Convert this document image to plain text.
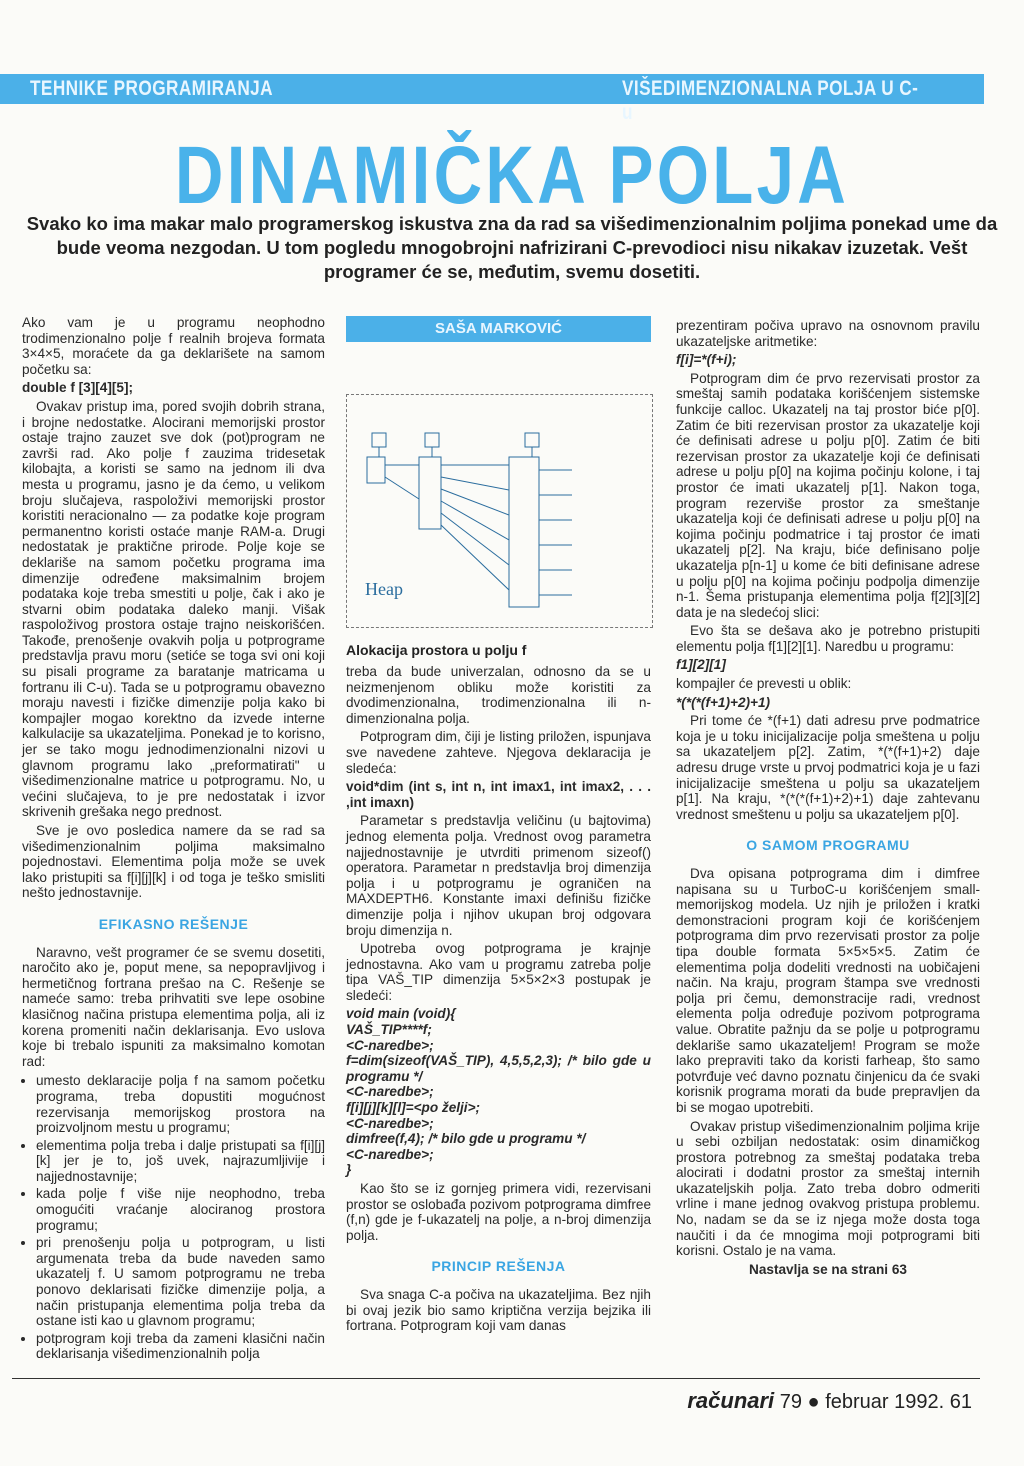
TEHNIKE PROGRAMIRANJA	VIŠEDIMENZIONALNA POLJA U C-u
DINAMIČKA POLJA
Svako ko ima makar malo programerskog iskustva zna da rad sa višedimenzionalnim poljima ponekad ume da bude veoma nezgodan. U tom pogledu mnogobrojni nafrizirani C-prevodioci nisu nikakav izuzetak. Vešt programer će se, međutim, svemu dosetiti.

Ako vam je u programu neophodno trodimenzionalno polje f realnih brojeva formata 3×4×5, moraćete da ga deklarišete na samom početku sa:

double f [3][4][5];

Ovakav pristup ima, pored svojih dobrih strana, i brojne nedostatke. Alocirani memorijski prostor ostaje trajno zauzet sve dok (pot)program ne završi rad. Ako polje f zauzima tridesetak kilobajta, a koristi se samo na jednom ili dva mesta u programu, jasno je da ćemo, u velikom broju slučajeva, raspoloživi memorijski prostor koristiti neracionalno — za podatke koje program permanentno koristi ostaće manje RAM-a. Drugi nedostatak je praktične prirode. Polje koje se deklariše na samom početku programa ima dimenzije određene maksimalnim brojem podataka koje treba smestiti u polje, čak i ako je stvarni obim podataka daleko manji. Višak raspoloživog prostora ostaje trajno neiskorišćen. Takođe, prenošenje ovakvih polja u potprograme predstavlja pravu moru (setiće se toga svi oni koji su pisali programe za baratanje matricama u fortranu ili C-u). Tada se u potprogramu obavezno moraju navesti i fizičke dimenzije polja kako bi kompajler mogao korektno da izvede interne kalkulacije sa ukazateljima. Ponekad je to korisno, jer se tako mogu jednodimenzionalni nizovi u glavnom programu lako „preformatirati" u višedimenzionalne matrice u potprogramu. No, u većini slučajeva, to je pre nedostatak i izvor skrivenih grešaka nego prednost.

Sve je ovo posledica namere da se rad sa višedimenzionalnim poljima maksimalno pojednostavi. Elementima polja može se uvek lako pristupiti sa f[i][j][k] i od toga je teško smisliti nešto jednostavnije.

EFIKASNO REŠENJE

Naravno, vešt programer će se svemu dosetiti, naročito ako je, poput mene, sa nepopravljivog i hermetičnog fortrana prešao na C. Rešenje se nameće samo: treba prihvatiti sve lepe osobine klasičnog načina pristupa elementima polja, ali iz korena promeniti način deklarisanja. Evo uslova koje bi trebalo ispuniti za maksimalno komotan rad:

• umesto deklaracije polja f na samom početku programa, treba dopustiti mogućnost rezervisanja memorijskog prostora na proizvoljnom mestu u programu;
• elementima polja treba i dalje pristupati sa f[i][j][k] jer je to, još uvek, najrazumljivije i najjednostavnije;
• kada polje f više nije neophodno, treba omogućiti vraćanje alociranog prostora programu;
• pri prenošenju polja u potprogram, u listi argumenata treba da bude naveden samo ukazatelj f. U samom potprogramu ne treba ponovo deklarisati fizičke dimenzije polja, a način pristupanja elementima polja treba da ostane isti kao u glavnom programu;
• potprogram koji treba da zameni klasični način deklarisanja višedimenzionalnih polja
SAŠA MARKOVIĆ
Heap
Alokacija prostora u polju f

treba da bude univerzalan, odnosno da se u neizmenjenom obliku može koristiti za dvodimenzionalna, trodimenzionalna ili n-dimenzionalna polja.

Potprogram dim, čiji je listing priložen, ispunjava sve navedene zahteve. Njegova deklaracija je sledeća:

void*dim (int s, int n, int imax1, int imax2, . . . ,int imaxn)

Parametar s predstavlja veličinu (u bajtovima) jednog elementa polja. Vrednost ovog parametra najjednostavnije je utvrditi primenom sizeof() operatora. Parametar n predstavlja broj dimenzija polja i u potprogramu je ograničen na MAXDEPTH6. Konstante imaxi definišu fizičke dimenzije polja i njihov ukupan broj odgovara broju dimenzija n.

Upotreba ovog potprograma je krajnje jednostavna. Ako vam u programu zatreba polje tipa VAŠ_TIP dimenzija 5×5×2×3 postupak je sledeći:

void main (void){
VAŠ_TIP****f;
<C-naredbe>;
f=dim(sizeof(VAŠ_TIP), 4,5,5,2,3); /* bilo gde u programu */
<C-naredbe>;
f[i][j][k][l]=<po želji>;
<C-naredbe>;
dimfree(f,4); /* bilo gde u programu */
<C-naredbe>;
}

Kao što se iz gornjeg primera vidi, rezervisani prostor se oslobađa pozivom potprograma dimfree (f,n) gde je f-ukazatelj na polje, a n-broj dimenzija polja.

PRINCIP REŠENJA

Sva snaga C-a počiva na ukazateljima. Bez njih bi ovaj jezik bio samo kriptična verzija bejzika ili fortrana. Potprogram koji vam danas

prezentiram počiva upravo na osnovnom pravilu ukazateljske aritmetike:

f[i]=*(f+i);

Potprogram dim će prvo rezervisati prostor za smeštaj samih podataka korišćenjem sistemske funkcije calloc. Ukazatelj na taj prostor biće p[0]. Zatim će biti rezervisan prostor za ukazatelje koji će definisati adrese u polju p[0]. Zatim će biti rezervisan prostor za ukazatelje koji će definisati adrese u polju p[0] na kojima počinju kolone, i taj prostor će imati ukazatelj p[1]. Nakon toga, program rezerviše prostor za smeštanje ukazatelja koji će definisati adrese u polju p[0] na kojima počinju podmatrice i taj prostor će imati ukazatelj p[2]. Na kraju, biće definisano polje ukazatelja p[n-1] u kome će biti definisane adrese u polju p[0] na kojima počinju podpolja dimenzije n-1. Šema pristupanja elementima polja f[2][3][2] data je na sledećoj slici:

Evo šta se dešava ako je potrebno pristupiti elementu polja f[1][2][1]. Naredbu u programu:

f1][2][1]

kompajler će prevesti u oblik:

*(*(*(f+1)+2)+1)

Pri tome će *(f+1) dati adresu prve podmatrice koja je u toku inicijalizacije polja smeštena u polju sa ukazateljem p[2]. Zatim, *(*(f+1)+2) daje adresu druge vrste u prvoj podmatrici koja je u fazi inicijalizacije smeštena u polju sa ukazateljem p[1]. Na kraju, *(*(*(f+1)+2)+1) daje zahtevanu vrednost smeštenu u polju sa ukazateljem p[0].

O SAMOM PROGRAMU

Dva opisana potprograma dim i dimfree napisana su u TurboC-u korišćenjem small-memorijskog modela. Uz njih je priložen i kratki demonstracioni program koji će korišćenjem potprograma dim prvo rezervisati prostor za polje tipa double formata 5×5×5×5. Zatim će elementima polja dodeliti vrednosti na uobičajeni način. Na kraju, program štampa sve vrednosti polja pri čemu, demonstracije radi, vrednost elementa polja određuje pozivom potprograma value. Obratite pažnju da se polje u potprogramu deklariše samo ukazateljem! Program se može lako prepraviti tako da koristi farheap, što samo potvrđuje već davno poznatu činjenicu da će svaki korisnik programa morati da bude prepravljen da bi se mogao upotrebiti.

Ovakav pristup višedimenzionalnim poljima krije u sebi ozbiljan nedostatak: osim dinamičkog prostora potrebnog za smeštaj podataka treba alocirati i dodatni prostor za smeštaj internih ukazateljskih polja. Zato treba dobro odmeriti vrline i mane jednog ovakvog pristupa problemu. No, nadam se da se iz njega može dosta toga naučiti i da će mnogima moji potprogrami biti korisni. Ostalo je na vama.

Nastavlja se na strani 63
računari 79 ● februar 1992. 61
